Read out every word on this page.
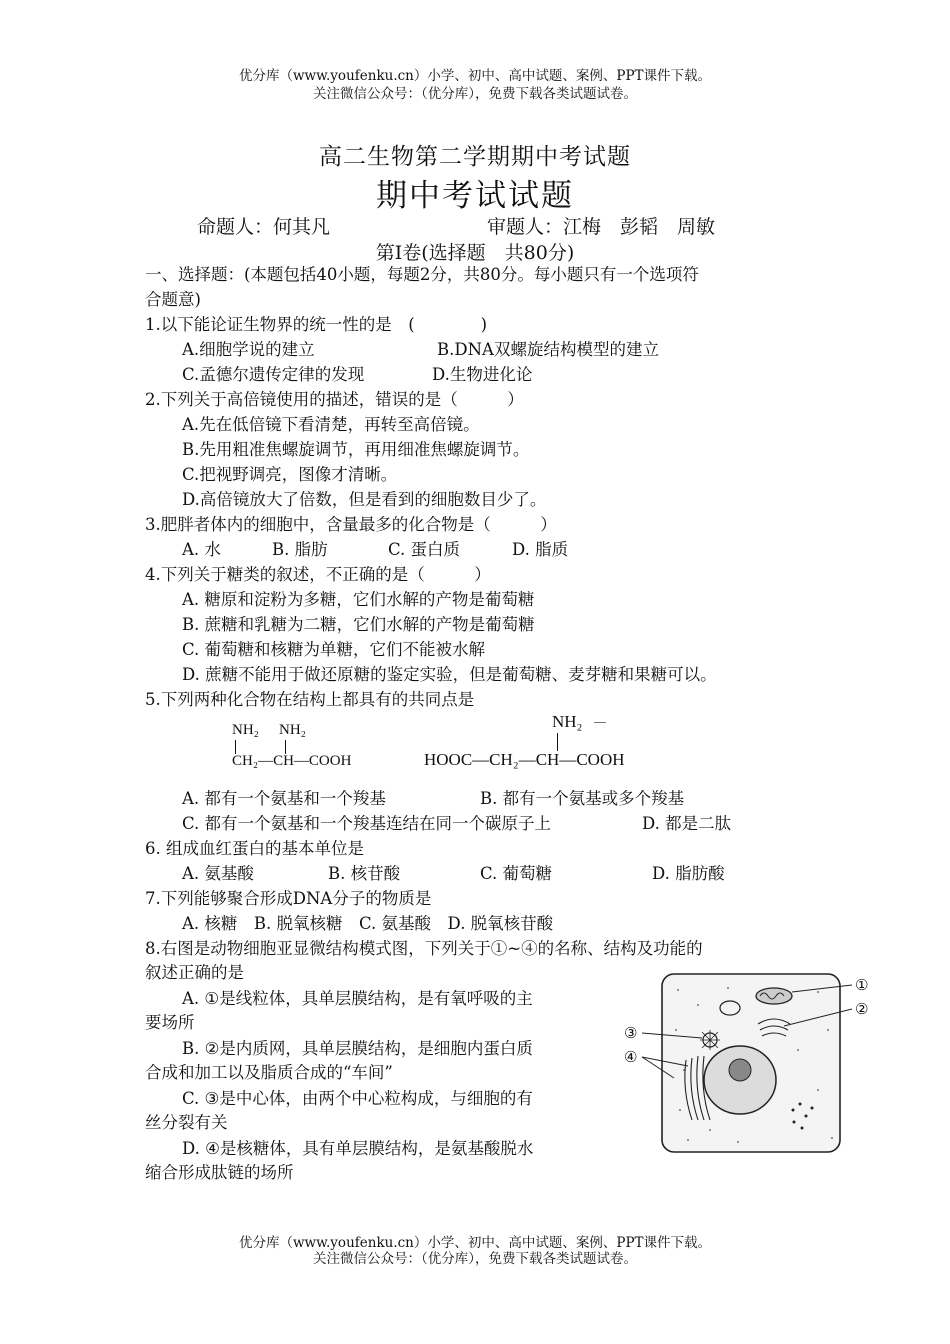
优分库（www.youfenku.cn）小学、初中、高中试题、案例、PPT课件下载。
关注微信公众号：（优分库），免费下载各类试题试卷。
高二生物第二学期期中考试题
期中考试试题
命题人：何其凡	审题人：江梅　彭韬　周敏
第Ⅰ卷(选择题　共80分)
一、选择题：(本题包括40小题，每题2分，共80分。每小题只有一个选项符
合题意)
1.以下能论证生物界的统一性的是　(　　　　)
A.细胞学说的建立	B.DNA双螺旋结构模型的建立
C.孟德尔遗传定律的发现	D.生物进化论
2.下列关于高倍镜使用的描述，错误的是（　　　）
A.先在低倍镜下看清楚，再转至高倍镜。
B.先用粗准焦螺旋调节，再用细准焦螺旋调节。
C.把视野调亮，图像才清晰。
D.高倍镜放大了倍数，但是看到的细胞数目少了。
3.肥胖者体内的细胞中，含量最多的化合物是（　　　）
A. 水	B. 脂肪	C. 蛋白质	D. 脂质
4.下列关于糖类的叙述，不正确的是（　　　）
A. 糖原和淀粉为多糖，它们水解的产物是葡萄糖
B. 蔗糖和乳糖为二糖，它们水解的产物是葡萄糖
C. 葡萄糖和核糖为单糖，它们不能被水解
D. 蔗糖不能用于做还原糖的鉴定实验，但是葡萄糖、麦芽糖和果糖可以。
5.下列两种化合物在结构上都具有的共同点是
NH₂ NH₂
CH₂—CH—COOH
NH₂
HOOC—CH₂—CH—COOH
A. 都有一个氨基和一个羧基	B. 都有一个氨基或多个羧基
C. 都有一个氨基和一个羧基连结在同一个碳原子上	D. 都是二肽
6. 组成血红蛋白的基本单位是
A. 氨基酸	B. 核苷酸	C. 葡萄糖	D. 脂肪酸
7.下列能够聚合形成DNA分子的物质是
A. 核糖　B. 脱氧核糖　C. 氨基酸　D. 脱氧核苷酸
8.右图是动物细胞亚显微结构模式图，下列关于①~④的名称、结构及功能的
叙述正确的是
A. ①是线粒体，具单层膜结构，是有氧呼吸的主
要场所
B. ②是内质网，具单层膜结构，是细胞内蛋白质
合成和加工以及脂质合成的“车间”
C. ③是中心体，由两个中心粒构成，与细胞的有
丝分裂有关
D. ④是核糖体，具有单层膜结构，是氨基酸脱水
缩合形成肽链的场所
①
②
③
④
优分库（www.youfenku.cn）小学、初中、高中试题、案例、PPT课件下载。
关注微信公众号：（优分库），免费下载各类试题试卷。
